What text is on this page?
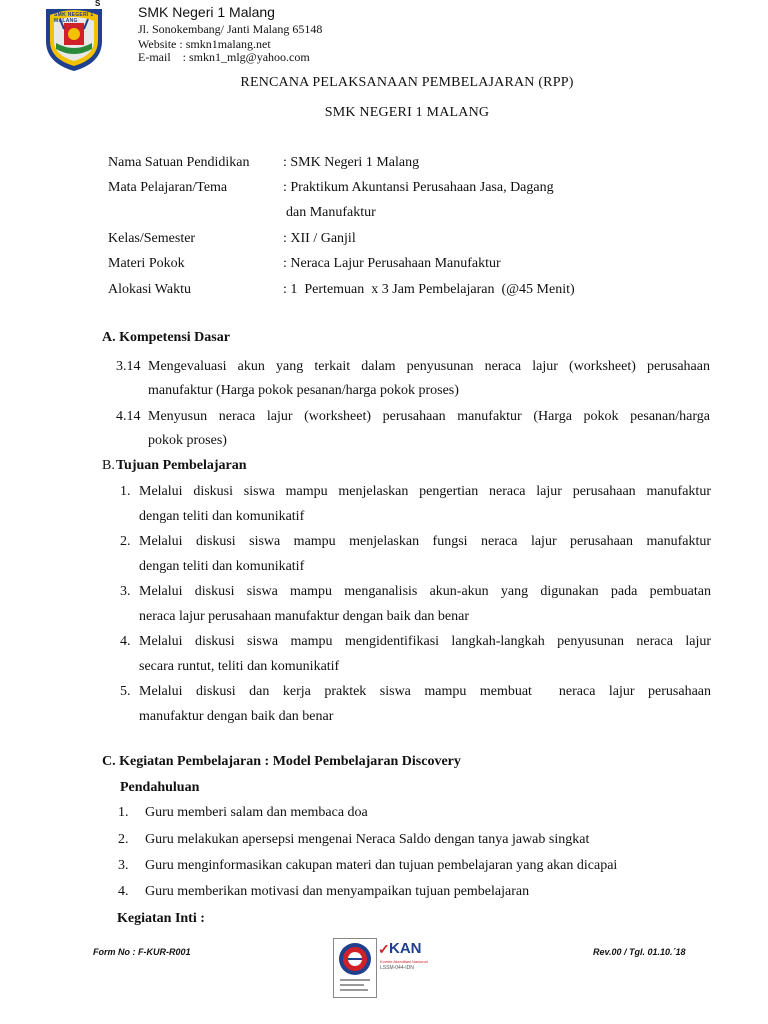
SMK NEGERI 1 MALANG
S
SMK Negeri 1 Malang
Jl. Sonokembang/ Janti Malang 65148
Website : smkn1malang.net
E-mail    : smkn1_mlg@yahoo.com
RENCANA PELAKSANAAN PEMBELAJARAN (RPP)
SMK NEGERI 1 MALANG
Nama Satuan Pendidikan : SMK Negeri 1 Malang
Mata Pelajaran/Tema	: Praktikum Akuntansi Perusahaan Jasa, Dagang
dan Manufaktur
Kelas/Semester	: XII / Ganjil
Materi Pokok	: Neraca Lajur Perusahaan Manufaktur
Alokasi Waktu	: 1  Pertemuan  x 3 Jam Pembelajaran  (@45 Menit)
A. Kompetensi Dasar
3.14 Mengevaluasi akun yang terkait dalam penyusunan neraca lajur (worksheet) perusahaan
manufaktur (Harga pokok pesanan/harga pokok proses)
4.14 Menyusun neraca lajur (worksheet) perusahaan manufaktur (Harga pokok pesanan/harga
pokok proses)
B. Tujuan Pembelajaran
1. Melalui diskusi siswa mampu menjelaskan pengertian neraca lajur perusahaan manufaktur
dengan teliti dan komunikatif
2. Melalui diskusi siswa mampu menjelaskan fungsi neraca lajur perusahaan manufaktur
dengan teliti dan komunikatif
3. Melalui diskusi siswa mampu menganalisis akun-akun yang digunakan pada pembuatan
neraca lajur perusahaan manufaktur dengan baik dan benar
4. Melalui diskusi siswa mampu mengidentifikasi langkah-langkah penyusunan neraca lajur
secara runtut, teliti dan komunikatif
5. Melalui diskusi dan kerja praktek siswa mampu membuat  neraca lajur perusahaan
manufaktur dengan baik dan benar
C. Kegiatan Pembelajaran : Model Pembelajaran Discovery
Pendahuluan
1. Guru memberi salam dan membaca doa
2. Guru melakukan apersepsi mengenai Neraca Saldo dengan tanya jawab singkat
3. Guru menginformasikan cakupan materi dan tujuan pembelajaran yang akan dicapai
4. Guru memberikan motivasi dan menyampaikan tujuan pembelajaran
Kegiatan Inti :
Form No : F-KUR-R001	Rev.00 / Tgl. 01.10.´18
✓ KAN
Komite Akreditasi Nasional
LSSM-044-IDN
